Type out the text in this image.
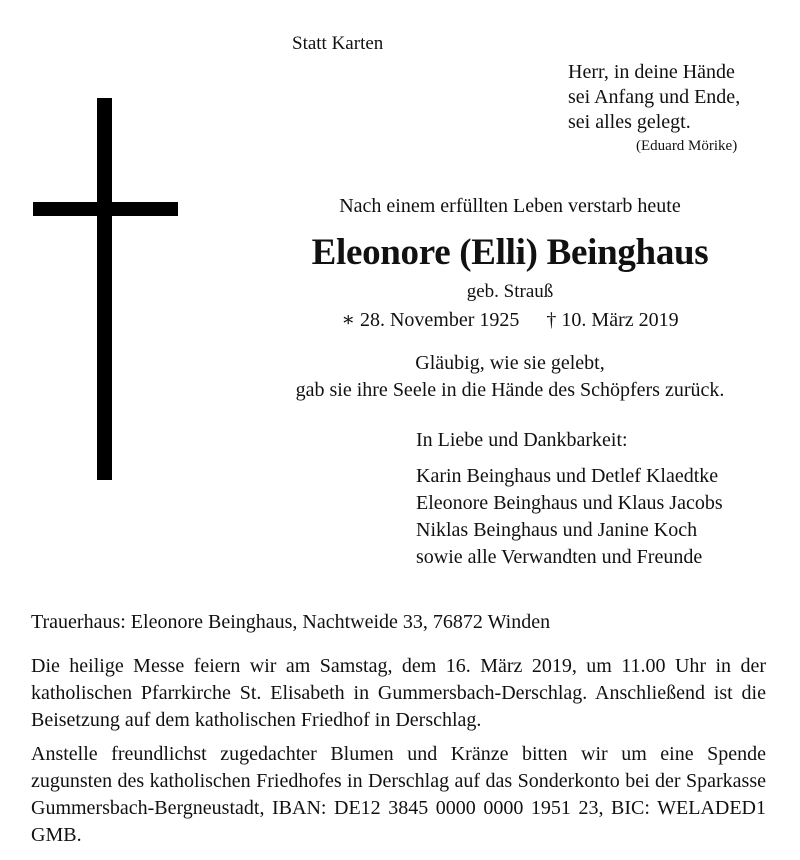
Statt Karten
Herr, in deine Hände
sei Anfang und Ende,
sei alles gelegt.
(Eduard Mörike)
Nach einem erfüllten Leben verstarb heute
Eleonore (Elli) Beinghaus
geb. Strauß
∗ 28. November 1925 † 10. März 2019
Gläubig, wie sie gelebt,
gab sie ihre Seele in die Hände des Schöpfers zurück.
In Liebe und Dankbarkeit:
Karin Beinghaus und Detlef Klaedtke
Eleonore Beinghaus und Klaus Jacobs
Niklas Beinghaus und Janine Koch
sowie alle Verwandten und Freunde
Trauerhaus: Eleonore Beinghaus, Nachtweide 33, 76872 Winden
Die heilige Messe feiern wir am Samstag, dem 16. März 2019, um 11.00 Uhr in der katholischen Pfarrkirche St. Elisabeth in Gummersbach-Derschlag. Anschließend ist die Beisetzung auf dem katholischen Friedhof in Derschlag.
Anstelle freundlichst zugedachter Blumen und Kränze bitten wir um eine Spende zugunsten des katholischen Friedhofes in Derschlag auf das Sonderkonto bei der Sparkasse Gummersbach-Bergneustadt, IBAN: DE12 3845 0000 0000 1951 23, BIC: WELADED1 GMB.
